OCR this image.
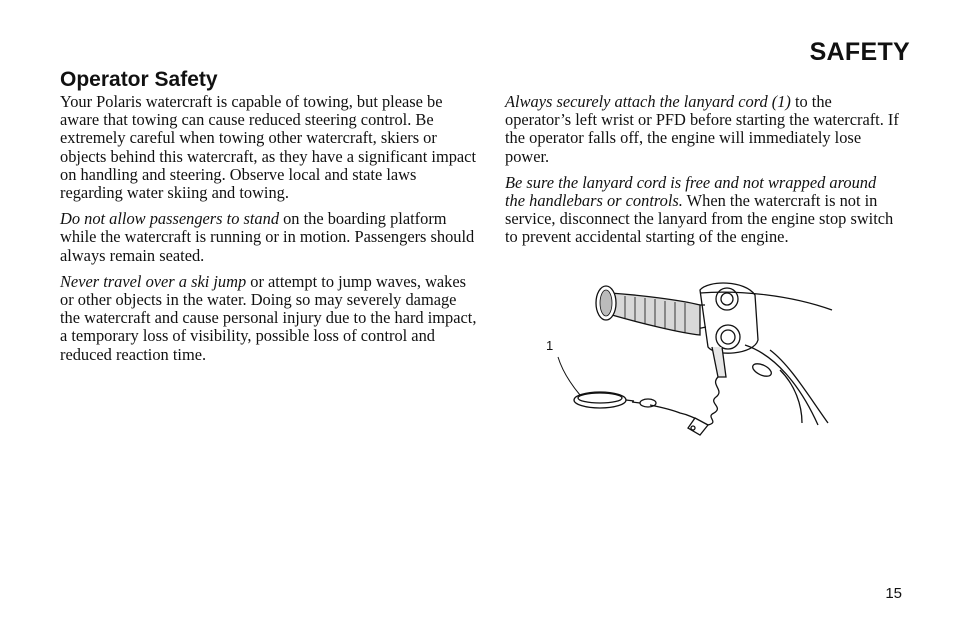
SAFETY
Operator Safety

Your Polaris watercraft is capable of towing, but please be aware that towing can cause reduced steering control. Be extremely careful when towing other watercraft, skiers or objects behind this watercraft, as they have a significant impact on handling and steering. Observe local and state laws regarding water skiing and towing.

Do not allow passengers to stand on the boarding platform while the watercraft is running or in motion. Passengers should always remain seated.

Never travel over a ski jump or attempt to jump waves, wakes or other objects in the water. Doing so may severely damage the watercraft and cause personal injury due to the hard impact, a temporary loss of visibility, possible loss of control and reduced reaction time.

Always securely attach the lanyard cord (1) to the operator’s left wrist or PFD before starting the watercraft. If the operator falls off, the engine will immediately lose power.

Be sure the lanyard cord is free and not wrapped around the handlebars or controls. When the watercraft is not in service, disconnect the lanyard from the engine stop switch to prevent accidental starting of the engine.

1
15
